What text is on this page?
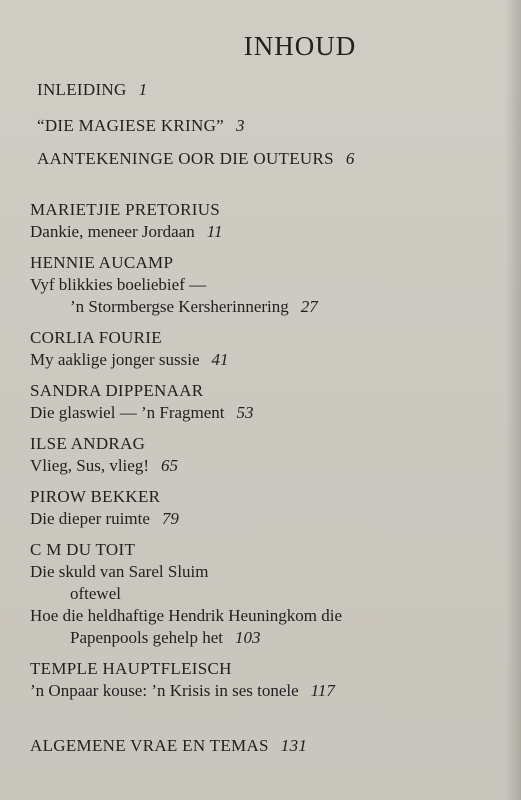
INHOUD
INLEIDING 1
“DIE MAGIESE KRING” 3
AANTEKENINGE OOR DIE OUTEURS 6
MARIETJIE PRETORIUS
Dankie, meneer Jordaan 11
HENNIE AUCAMP
Vyf blikkies boeliebief —
’n Stormbergse Kersherinnering 27
CORLIA FOURIE
My aaklige jonger sussie 41
SANDRA DIPPENAAR
Die glaswiel — ’n Fragment 53
ILSE ANDRAG
Vlieg, Sus, vlieg! 65
PIROW BEKKER
Die dieper ruimte 79
C M DU TOIT
Die skuld van Sarel Sluim
oftewel
Hoe die heldhaftige Hendrik Heuningkom die
Papenpools gehelp het 103
TEMPLE HAUPTFLEISCH
’n Onpaar kouse: ’n Krisis in ses tonele 117
ALGEMENE VRAE EN TEMAS 131
